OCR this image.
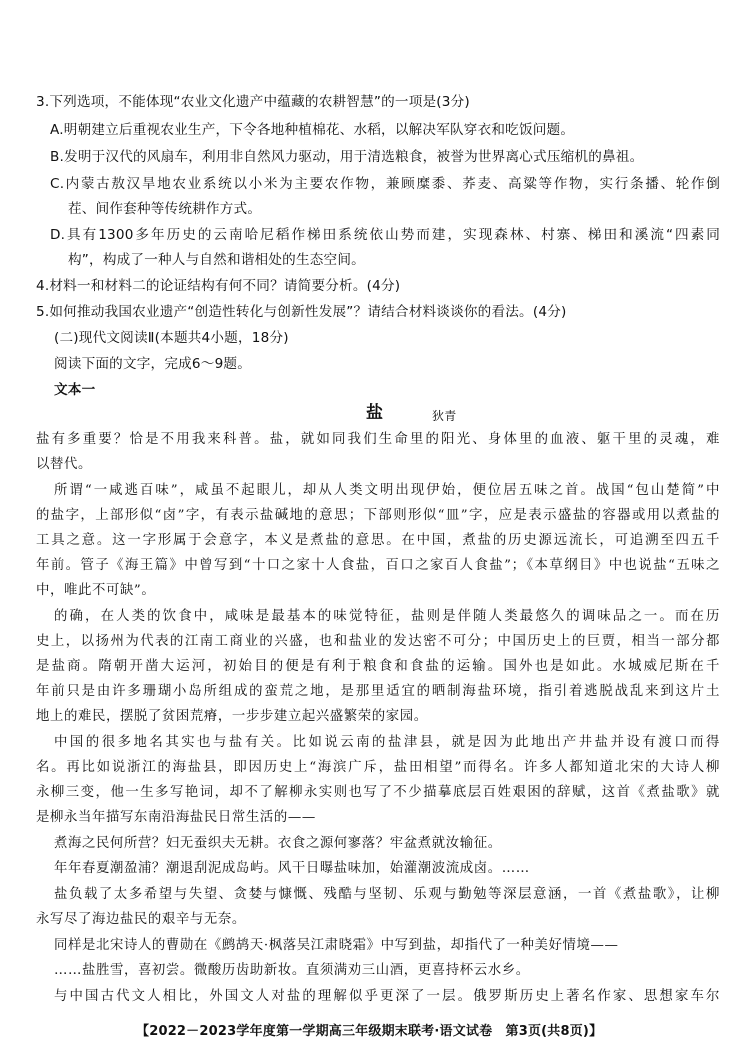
3.下列选项，不能体现“农业文化遗产中蕴藏的农耕智慧”的一项是(3分)
A.明朝建立后重视农业生产，下令各地种植棉花、水稻，以解决军队穿衣和吃饭问题。
B.发明于汉代的风扇车，利用非自然风力驱动，用于清选粮食，被誉为世界离心式压缩机的鼻祖。
C.内蒙古敖汉旱地农业系统以小米为主要农作物，兼顾糜黍、荞麦、高粱等作物，实行条播、轮作倒
茬、间作套种等传统耕作方式。
D.具有1300多年历史的云南哈尼稻作梯田系统依山势而建，实现森林、村寨、梯田和溪流“四素同
构”，构成了一种人与自然和谐相处的生态空间。
4.材料一和材料二的论证结构有何不同？请简要分析。(4分)
5.如何推动我国农业遗产“创造性转化与创新性发展”？请结合材料谈谈你的看法。(4分)
(二)现代文阅读Ⅱ(本题共4小题，18分)
阅读下面的文字，完成6～9题。
文本一
盐	狄青
盐有多重要？恰是不用我来科普。盐，就如同我们生命里的阳光、身体里的血液、躯干里的灵魂，难
以替代。
所谓“一咸逃百味”，咸虽不起眼儿，却从人类文明出现伊始，便位居五味之首。战国“包山楚简”中
的盐字，上部形似“卤”字，有表示盐碱地的意思；下部则形似“皿”字，应是表示盛盐的容器或用以煮盐的
工具之意。这一字形属于会意字，本义是煮盐的意思。在中国，煮盐的历史源远流长，可追溯至四五千
年前。管子《海王篇》中曾写到“十口之家十人食盐，百口之家百人食盐”；《本草纲目》中也说盐“五味之
中，唯此不可缺”。
的确，在人类的饮食中，咸味是最基本的味觉特征，盐则是伴随人类最悠久的调味品之一。而在历
史上，以扬州为代表的江南工商业的兴盛，也和盐业的发达密不可分；中国历史上的巨贾，相当一部分都
是盐商。隋朝开凿大运河，初始目的便是有利于粮食和食盐的运输。国外也是如此。水城威尼斯在千
年前只是由许多珊瑚小岛所组成的蛮荒之地，是那里适宜的晒制海盐环境，指引着逃脱战乱来到这片土
地上的难民，摆脱了贫困荒瘠，一步步建立起兴盛繁荣的家园。
中国的很多地名其实也与盐有关。比如说云南的盐津县，就是因为此地出产井盐并设有渡口而得
名。再比如说浙江的海盐县，即因历史上“海滨广斥，盐田相望”而得名。许多人都知道北宋的大诗人柳
永柳三变，他一生多写艳词，却不了解柳永实则也写了不少描摹底层百姓艰困的辞赋，这首《煮盐歌》就
是柳永当年描写东南沿海盐民日常生活的——
煮海之民何所营？妇无蚕织夫无耕。衣食之源何寥落？牢盆煮就汝输征。
年年春夏潮盈浦？潮退刮泥成岛屿。风干日曝盐味加，始灌潮波流成卤。……
盐负载了太多希望与失望、贪婪与慷慨、残酷与坚韧、乐观与勤勉等深层意涵，一首《煮盐歌》，让柳
永写尽了海边盐民的艰辛与无奈。
同样是北宋诗人的曹勋在《鹧鸪天·枫落吴江肃晓霜》中写到盐，却指代了一种美好情境——
……盐胜雪，喜初尝。微酸历齿助新妆。直须满劝三山酒，更喜持杯云水乡。
与中国古代文人相比，外国文人对盐的理解似乎更深了一层。俄罗斯历史上著名作家、思想家车尔
【2022－2023学年度第一学期高三年级期末联考·语文试卷　第3页(共8页)】
